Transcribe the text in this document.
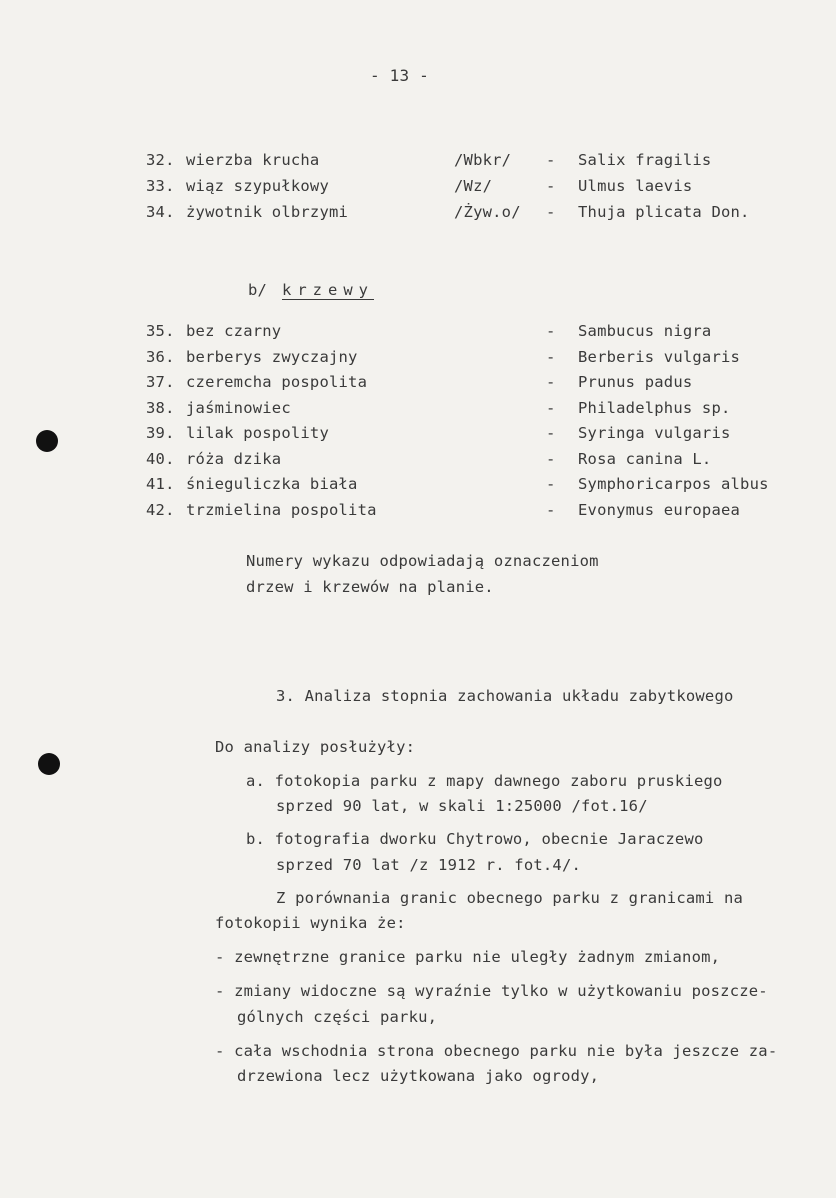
- 13 -
32. wierzba krucha	/Wbkr/ - Salix fragilis
33. wiąz szypułkowy	/Wz/	- Ulmus laevis
34. żywotnik olbrzymi	/Żyw.o/ - Thuja plicata Don.
b/ krzewy
35. bez czarny	- Sambucus nigra
36. berberys zwyczajny	- Berberis vulgaris
37. czeremcha pospolita	- Prunus padus
38. jaśminowiec	- Philadelphus sp.
39. lilak pospolity	- Syringa vulgaris
40. róża dzika	- Rosa canina L.
41. śnieguliczka biała	- Symphoricarpos albus
42. trzmielina pospolita	- Evonymus europaea
Numery wykazu odpowiadają oznaczeniom
drzew i krzewów na planie.
3. Analiza stopnia zachowania układu zabytkowego
Do analizy posłużyły:
a. fotokopia parku z mapy dawnego zaboru pruskiego
sprzed 90 lat, w skali 1:25000 /fot.16/
b. fotografia dworku Chytrowo, obecnie Jaraczewo
sprzed 70 lat /z 1912 r. fot.4/.
Z porównania granic obecnego parku z granicami na
fotokopii wynika że:
- zewnętrzne granice parku nie uległy żadnym zmianom,
- zmiany widoczne są wyraźnie tylko w użytkowaniu poszcze-
gólnych części parku,
- cała wschodnia strona obecnego parku nie była jeszcze za-
drzewiona lecz użytkowana jako ogrody,
